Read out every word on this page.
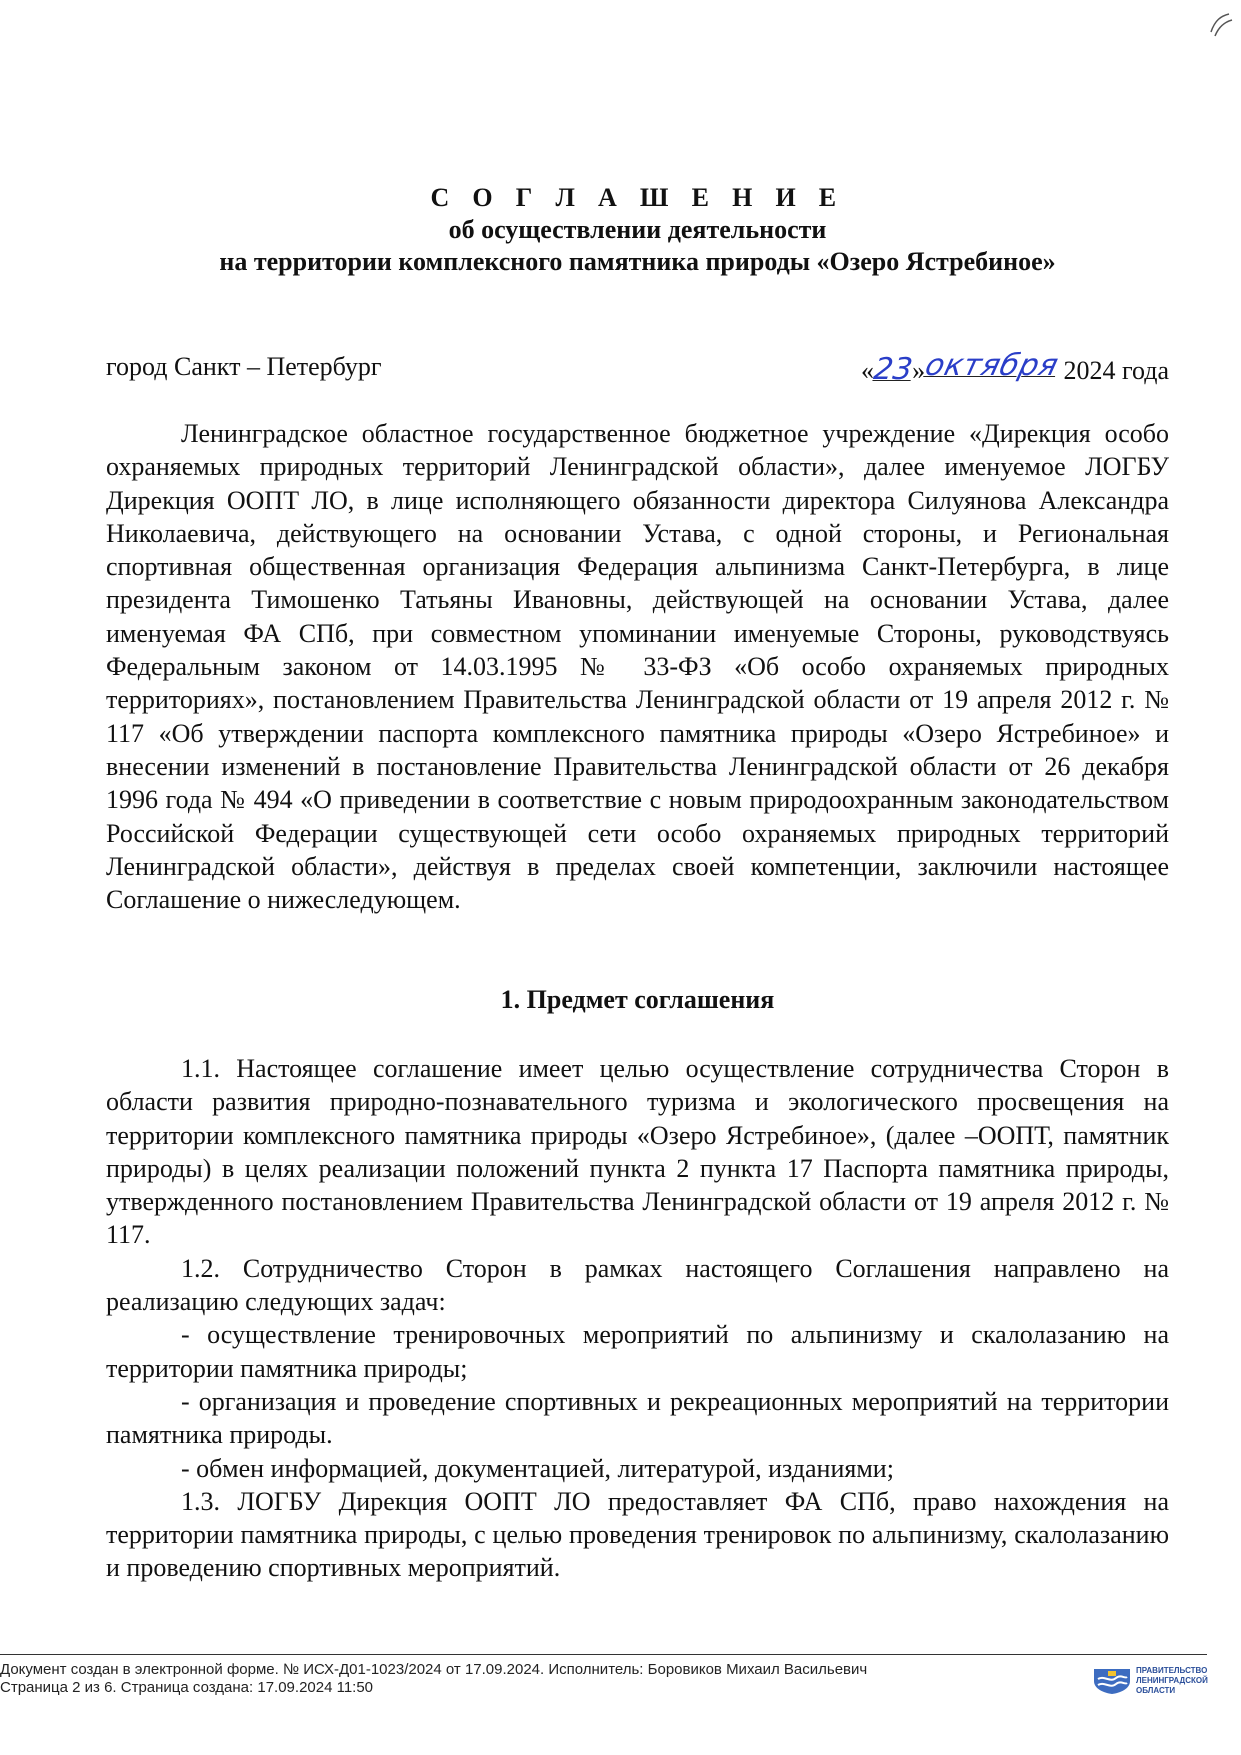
С О Г Л А Ш Е Н И Е
об осуществлении деятельности
на территории комплексного памятника природы «Озеро Ястребиное»
город Санкт – Петербург	«23»октября 2024 года

Ленинградское областное государственное бюджетное учреждение «Дирекция особо охраняемых природных территорий Ленинградской области», далее именуемое ЛОГБУ Дирекция ООПТ ЛО, в лице исполняющего обязанности директора Силуянова Александра Николаевича, действующего на основании Устава, с одной стороны, и Региональная спортивная общественная организация Федерация альпинизма Санкт-Петербурга, в лице президента Тимошенко Татьяны Ивановны, действующей на основании Устава, далее именуемая ФА СПб, при совместном упоминании именуемые Стороны, руководствуясь Федеральным законом от 14.03.1995 № 33-ФЗ «Об особо охраняемых природных территориях», постановлением Правительства Ленинградской области от 19 апреля 2012 г. № 117 «Об утверждении паспорта комплексного памятника природы «Озеро Ястребиное» и внесении изменений в постановление Правительства Ленинградской области от 26 декабря 1996 года № 494 «О приведении в соответствие с новым природоохранным законодательством Российской Федерации существующей сети особо охраняемых природных территорий Ленинградской области», действуя в пределах своей компетенции, заключили настоящее Соглашение о нижеследующем.

1. Предмет соглашения

1.1. Настоящее соглашение имеет целью осуществление сотрудничества Сторон в области развития природно-познавательного туризма и экологического просвещения на территории комплексного памятника природы «Озеро Ястребиное», (далее –ООПТ, памятник природы) в целях реализации положений пункта 2 пункта 17 Паспорта памятника природы, утвержденного постановлением Правительства Ленинградской области от 19 апреля 2012 г. № 117.

1.2. Сотрудничество Сторон в рамках настоящего Соглашения направлено на реализацию следующих задач:

- осуществление тренировочных мероприятий по альпинизму и скалолазанию на территории памятника природы;

- организация и проведение спортивных и рекреационных мероприятий на территории памятника природы.

- обмен информацией, документацией, литературой, изданиями;

1.3. ЛОГБУ Дирекция ООПТ ЛО предоставляет ФА СПб, право нахождения на территории памятника природы, с целью проведения тренировок по альпинизму, скалолазанию и проведению спортивных мероприятий.

Документ создан в электронной форме. № ИСХ-Д01-1023/2024 от 17.09.2024. Исполнитель: Боровиков Михаил Васильевич
Страница 2 из 6. Страница создана: 17.09.2024 11:50
ПРАВИТЕЛЬСТВО
ЛЕНИНГРАДСКОЙ
ОБЛАСТИ
